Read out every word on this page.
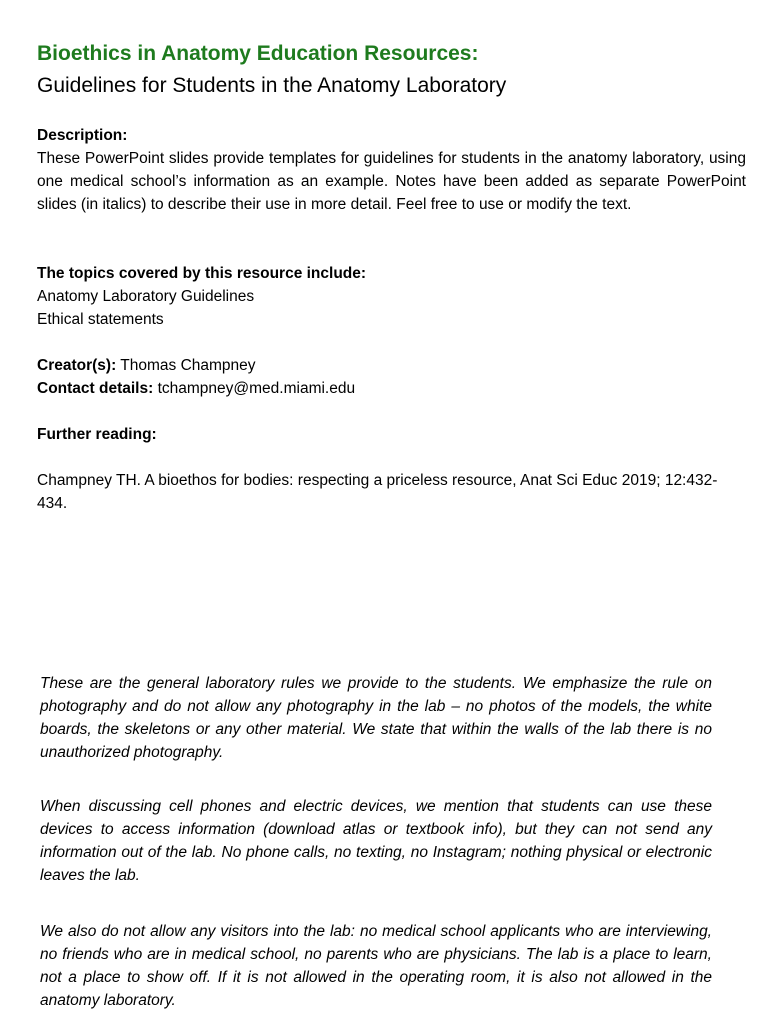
Bioethics in Anatomy Education Resources:
Guidelines for Students in the Anatomy Laboratory
Description:
These PowerPoint slides provide templates for guidelines for students in the anatomy laboratory, using one medical school’s information as an example. Notes have been added as separate PowerPoint slides (in italics) to describe their use in more detail. Feel free to use or modify the text.
The topics covered by this resource include:
Anatomy Laboratory Guidelines
Ethical statements
Creator(s): Thomas Champney
Contact details: tchampney@med.miami.edu
Further reading:
Champney TH. A bioethos for bodies: respecting a priceless resource, Anat Sci Educ 2019; 12:432-434.
These are the general laboratory rules we provide to the students. We emphasize the rule on photography and do not allow any photography in the lab – no photos of the models, the white boards, the skeletons or any other material. We state that within the walls of the lab there is no unauthorized photography.
When discussing cell phones and electric devices, we mention that students can use these devices to access information (download atlas or textbook info), but they can not send any information out of the lab. No phone calls, no texting, no Instagram; nothing physical or electronic leaves the lab.
We also do not allow any visitors into the lab: no medical school applicants who are interviewing, no friends who are in medical school, no parents who are physicians. The lab is a place to learn, not a place to show off. If it is not allowed in the operating room, it is also not allowed in the anatomy laboratory.
